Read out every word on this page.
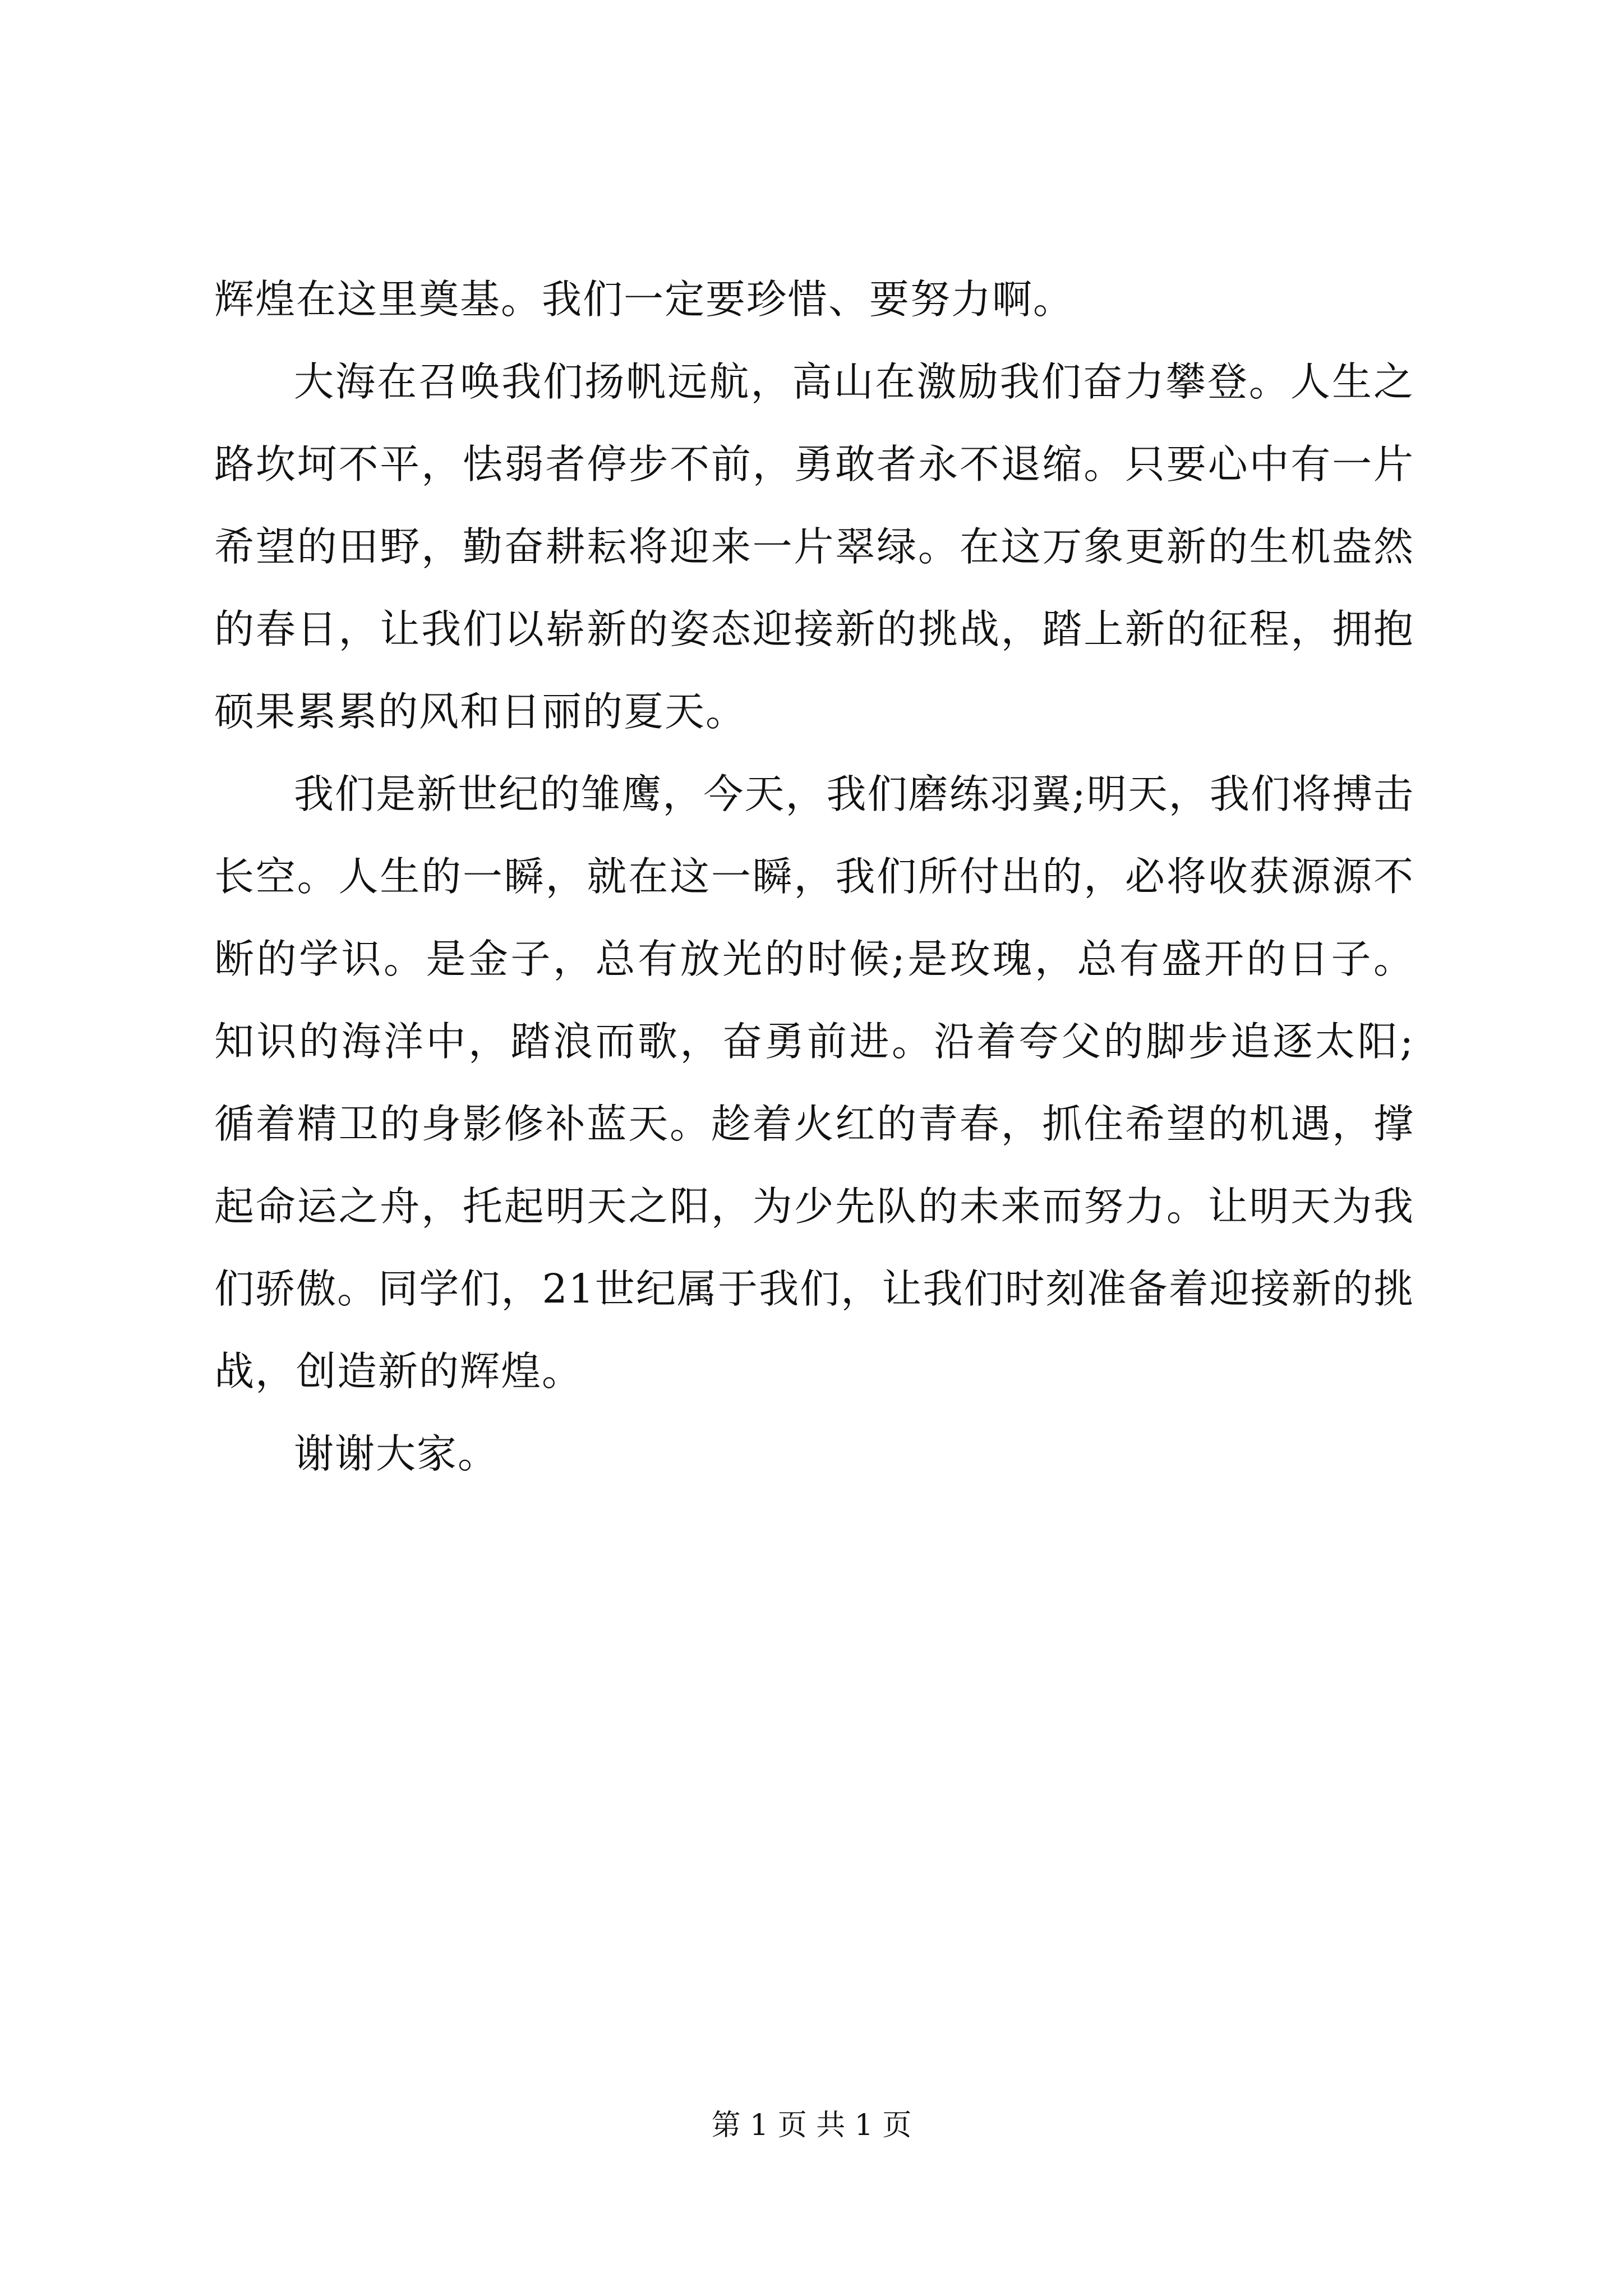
辉煌在这里奠基。我们一定要珍惜、要努力啊。

大海在召唤我们扬帆远航，高山在激励我们奋力攀登。人生之路坎坷不平，怯弱者停步不前，勇敢者永不退缩。只要心中有一片希望的田野，勤奋耕耘将迎来一片翠绿。在这万象更新的生机盎然的春日，让我们以崭新的姿态迎接新的挑战，踏上新的征程，拥抱硕果累累的风和日丽的夏天。

我们是新世纪的雏鹰，今天，我们磨练羽翼;明天，我们将搏击长空。人生的一瞬，就在这一瞬，我们所付出的，必将收获源源不断的学识。是金子，总有放光的时候;是玫瑰，总有盛开的日子。知识的海洋中，踏浪而歌，奋勇前进。沿着夸父的脚步追逐太阳;循着精卫的身影修补蓝天。趁着火红的青春，抓住希望的机遇，撑起命运之舟，托起明天之阳，为少先队的未来而努力。让明天为我们骄傲。同学们，21世纪属于我们，让我们时刻准备着迎接新的挑战，创造新的辉煌。

谢谢大家。

第 1 页 共 1 页
